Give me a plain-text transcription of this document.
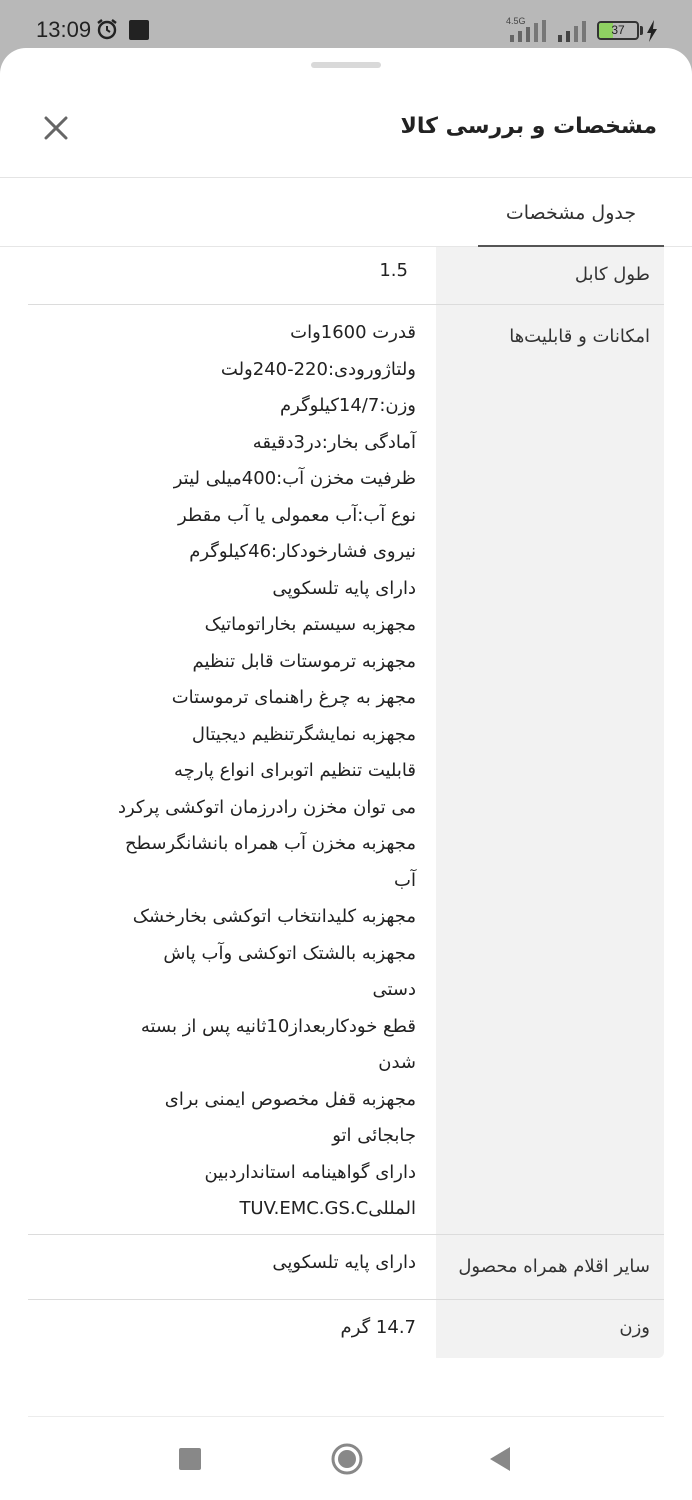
13:09	4.5G
37
مشخصات و بررسی کالا
جدول مشخصات
طول کابل
1.5
امکانات و قابلیت‌ها
قدرت 1600وات
ولتاژورودی:220-240ولت
وزن:14/7کیلوگرم
آمادگی بخار:در3دقیقه
ظرفیت مخزن آب:400میلی لیتر
نوع آب:آب معمولی یا آب مقطر
نیروی فشارخودکار:46کیلوگرم
دارای پایه تلسکوپی
مجهزبه سیستم بخاراتوماتیک
مجهزبه ترموستات قابل تنظیم
مجهز به چرغ راهنمای ترموستات
مجهزبه نمایشگرتنظیم دیجیتال
قابلیت تنظیم اتوبرای انواع پارچه
می توان مخزن رادرزمان اتوکشی پرکرد
مجهزبه مخزن آب همراه بانشانگرسطح
آب
مجهزبه کلیدانتخاب اتوکشی بخارخشک
مجهزبه بالشتک اتوکشی وآب پاش
دستی
قطع خودکاربعداز10ثانیه پس از بسته
شدن
مجهزبه قفل مخصوص ایمنی برای
جابجائی اتو
دارای گواهینامه استانداردبین
المللیTUV.EMC.GS.C
سایر اقلام همراه محصول
دارای پایه تلسکوپی
وزن
14.7 گرم
